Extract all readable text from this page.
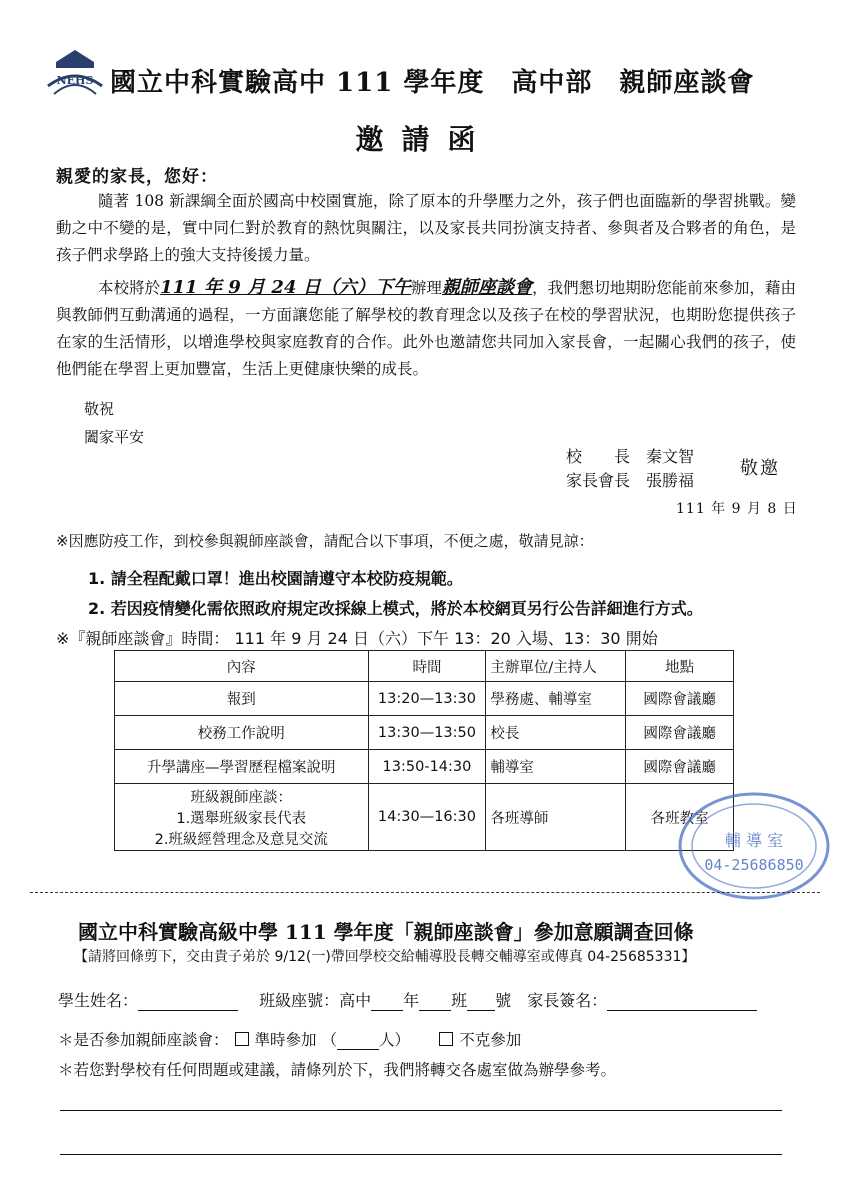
NEHS 國立中科實驗高中 111 學年度　高中部　親師座談會
邀請函
親愛的家長，您好：
隨著 108 新課綱全面於國高中校園實施，除了原本的升學壓力之外，孩子們也面臨新的學習挑戰。變動之中不變的是，實中同仁對於教育的熱忱與關注，以及家長共同扮演支持者、參與者及合夥者的角色，是孩子們求學路上的強大支持後援力量。
本校將於111 年 9 月 24 日（六）下午辦理親師座談會，我們懇切地期盼您能前來參加，藉由與教師們互動溝通的過程，一方面讓您能了解學校的教育理念以及孩子在校的學習狀況，也期盼您提供孩子在家的生活情形，以增進學校與家庭教育的合作。此外也邀請您共同加入家長會，一起關心我們的孩子，使他們能在學習上更加豐富，生活上更健康快樂的成長。
敬祝
闔家平安
校　　長　秦文智
家長會長　張勝福
敬邀
111 年 9 月 8 日
※因應防疫工作，到校參與親師座談會，請配合以下事項，不便之處，敬請見諒：
1. 請全程配戴口罩！進出校園請遵守本校防疫規範。
2. 若因疫情變化需依照政府規定改採線上模式，將於本校網頁另行公告詳細進行方式。
※『親師座談會』時間： 111 年 9 月 24 日（六）下午 13：20 入場、13：30 開始
內容	時間	主辦單位/主持人	地點
報到	13:20—13:30	學務處、輔導室	國際會議廳
校務工作說明	13:30—13:50	校長	國際會議廳
升學講座—學習歷程檔案說明	13:50-14:30	輔導室	國際會議廳

班級親師座談：
1.選舉班級家長代表
2.班級經營理念及意見交流	14:30—16:30	各班導師	各班教室
輔 導 室
04-25686850
國立中科實驗高級中學 111 學年度「親師座談會」參加意願調查回條
【請將回條剪下，交由貴子弟於 9/12(一)帶回學校交給輔導股長轉交輔導室或傳真 04-25685331】
學生姓名：　	班級座號：高中 年 班 號　 家長簽名：
＊是否參加親師座談會： 準時參加 （	人）　　	不克參加
＊若您對學校有任何問題或建議，請條列於下，我們將轉交各處室做為辦學參考。
